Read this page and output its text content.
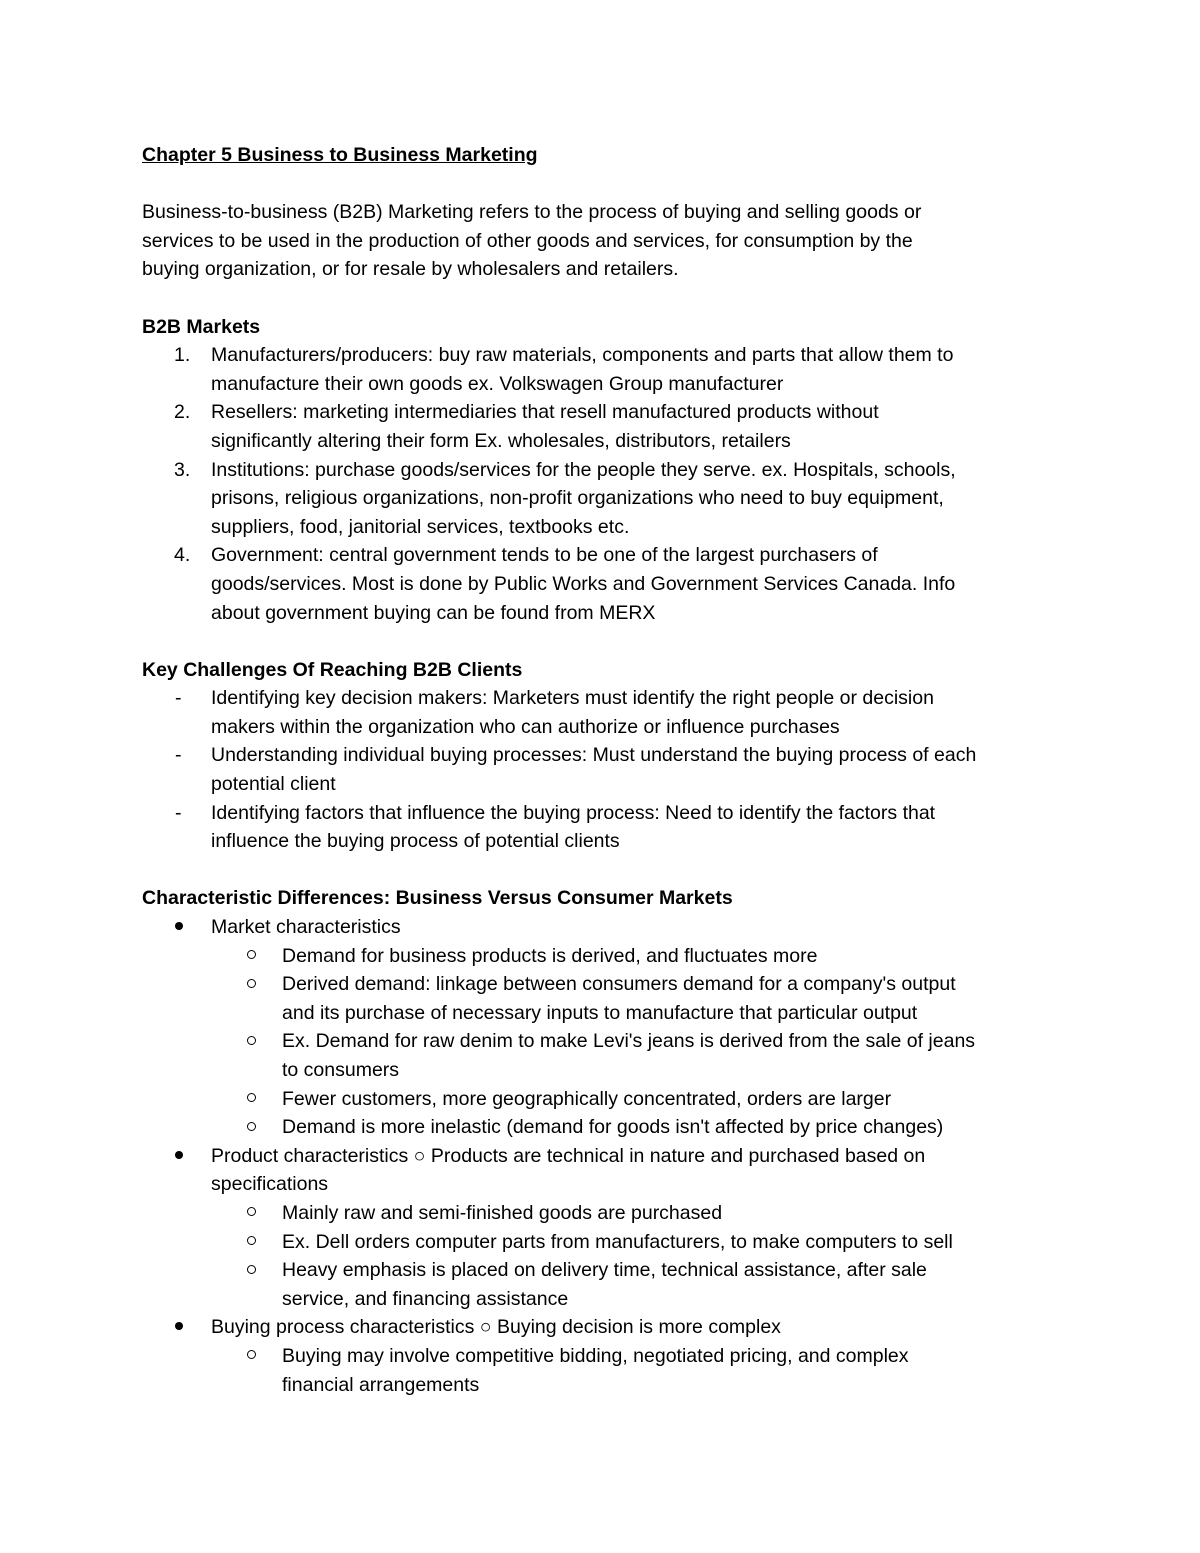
Chapter 5 Business to Business Marketing
Business-to-business (B2B) Marketing refers to the process of buying and selling goods or
services to be used in the production of other goods and services, for consumption by the
buying organization, or for resale by wholesalers and retailers.
B2B Markets
1. Manufacturers/producers: buy raw materials, components and parts that allow them to
manufacture their own goods ex. Volkswagen Group manufacturer
2. Resellers: marketing intermediaries that resell manufactured products without
significantly altering their form Ex. wholesales, distributors, retailers
3. Institutions: purchase goods/services for the people they serve. ex. Hospitals, schools,
prisons, religious organizations, non-profit organizations who need to buy equipment,
suppliers, food, janitorial services, textbooks etc.
4. Government: central government tends to be one of the largest purchasers of
goods/services. Most is done by Public Works and Government Services Canada. Info
about government buying can be found from MERX
Key Challenges Of Reaching B2B Clients
- Identifying key decision makers: Marketers must identify the right people or decision
makers within the organization who can authorize or influence purchases
- Understanding individual buying processes: Must understand the buying process of each
potential client
- Identifying factors that influence the buying process: Need to identify the factors that
influence the buying process of potential clients
Characteristic Differences: Business Versus Consumer Markets
Market characteristics
Demand for business products is derived, and fluctuates more
Derived demand: linkage between consumers demand for a company's output
and its purchase of necessary inputs to manufacture that particular output
Ex. Demand for raw denim to make Levi's jeans is derived from the sale of jeans
to consumers
Fewer customers, more geographically concentrated, orders are larger
Demand is more inelastic (demand for goods isn't affected by price changes)
Product characteristics ○ Products are technical in nature and purchased based on
specifications
Mainly raw and semi-finished goods are purchased
Ex. Dell orders computer parts from manufacturers, to make computers to sell
Heavy emphasis is placed on delivery time, technical assistance, after sale
service, and financing assistance
Buying process characteristics ○ Buying decision is more complex
Buying may involve competitive bidding, negotiated pricing, and complex
financial arrangements
